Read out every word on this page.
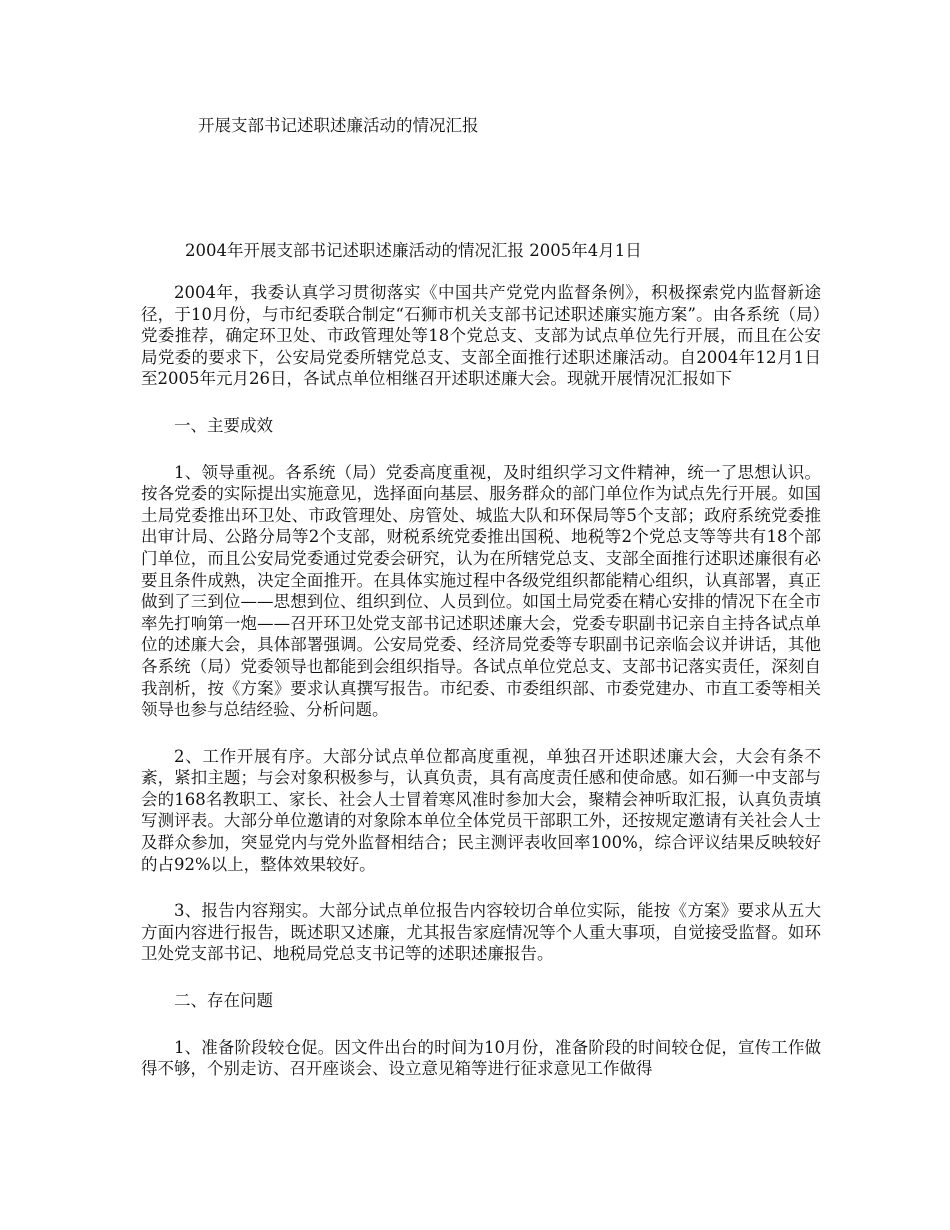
开展支部书记述职述廉活动的情况汇报
2004年开展支部书记述职述廉活动的情况汇报 2005年4月1日

2004年，我委认真学习贯彻落实《中国共产党党内监督条例》，积极探索党内监督新途径，于10月份，与市纪委联合制定“石狮市机关支部书记述职述廉实施方案”。由各系统（局）党委推荐，确定环卫处、市政管理处等18个党总支、支部为试点单位先行开展，而且在公安局党委的要求下，公安局党委所辖党总支、支部全面推行述职述廉活动。自2004年12月1日至2005年元月26日，各试点单位相继召开述职述廉大会。现就开展情况汇报如下

一、主要成效

1、领导重视。各系统（局）党委高度重视，及时组织学习文件精神，统一了思想认识。按各党委的实际提出实施意见，选择面向基层、服务群众的部门单位作为试点先行开展。如国土局党委推出环卫处、市政管理处、房管处、城监大队和环保局等5个支部；政府系统党委推出审计局、公路分局等2个支部，财税系统党委推出国税、地税等2个党总支等等共有18个部门单位，而且公安局党委通过党委会研究，认为在所辖党总支、支部全面推行述职述廉很有必要且条件成熟，决定全面推开。在具体实施过程中各级党组织都能精心组织，认真部署，真正做到了三到位——思想到位、组织到位、人员到位。如国土局党委在精心安排的情况下在全市率先打响第一炮——召开环卫处党支部书记述职述廉大会，党委专职副书记亲自主持各试点单位的述廉大会，具体部署强调。公安局党委、经济局党委等专职副书记亲临会议并讲话，其他各系统（局）党委领导也都能到会组织指导。各试点单位党总支、支部书记落实责任，深刻自我剖析，按《方案》要求认真撰写报告。市纪委、市委组织部、市委党建办、市直工委等相关领导也参与总结经验、分析问题。

2、工作开展有序。大部分试点单位都高度重视，单独召开述职述廉大会，大会有条不紊，紧扣主题；与会对象积极参与，认真负责，具有高度责任感和使命感。如石狮一中支部与会的168名教职工、家长、社会人士冒着寒风准时参加大会，聚精会神听取汇报，认真负责填写测评表。大部分单位邀请的对象除本单位全体党员干部职工外，还按规定邀请有关社会人士及群众参加，突显党内与党外监督相结合；民主测评表收回率100%，综合评议结果反映较好的占92%以上，整体效果较好。

3、报告内容翔实。大部分试点单位报告内容较切合单位实际，能按《方案》要求从五大方面内容进行报告，既述职又述廉，尤其报告家庭情况等个人重大事项，自觉接受监督。如环卫处党支部书记、地税局党总支书记等的述职述廉报告。

二、存在问题

1、准备阶段较仓促。因文件出台的时间为10月份，准备阶段的时间较仓促，宣传工作做得不够，个别走访、召开座谈会、设立意见箱等进行征求意见工作做得
